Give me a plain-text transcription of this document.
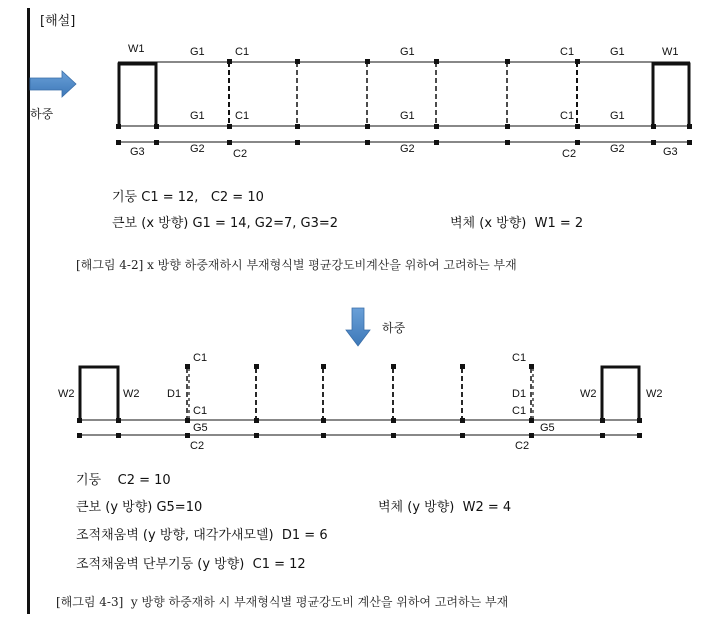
[해설]
하중
W1	G1	C1	G1	C1	G1	W1
G1	C1	G1	C1	G1
G3	G2	C2	G2	C2	G2	G3
하중
C1	C1
W2	W2	W2	W2
D1	D1
C1	C1
G5	G5
C2	C2
기둥 C1 = 12,   C2 = 10
큰보 (x 방향) G1 = 14, G2=7, G3=2	벽체 (x 방향)  W1 = 2
[해그림 4-2] x 방향 하중재하시 부재형식별 평균강도비계산을 위하여 고려하는 부재
기둥    C2 = 10
큰보 (y 방향) G5=10	벽체 (y 방향)  W2 = 4
조적채움벽 (y 방향, 대각가새모델)  D1 = 6
조적채움벽 단부기둥 (y 방향)  C1 = 12
[해그림 4-3]  y 방향 하중재하 시 부재형식별 평균강도비 계산을 위하여 고려하는 부재
